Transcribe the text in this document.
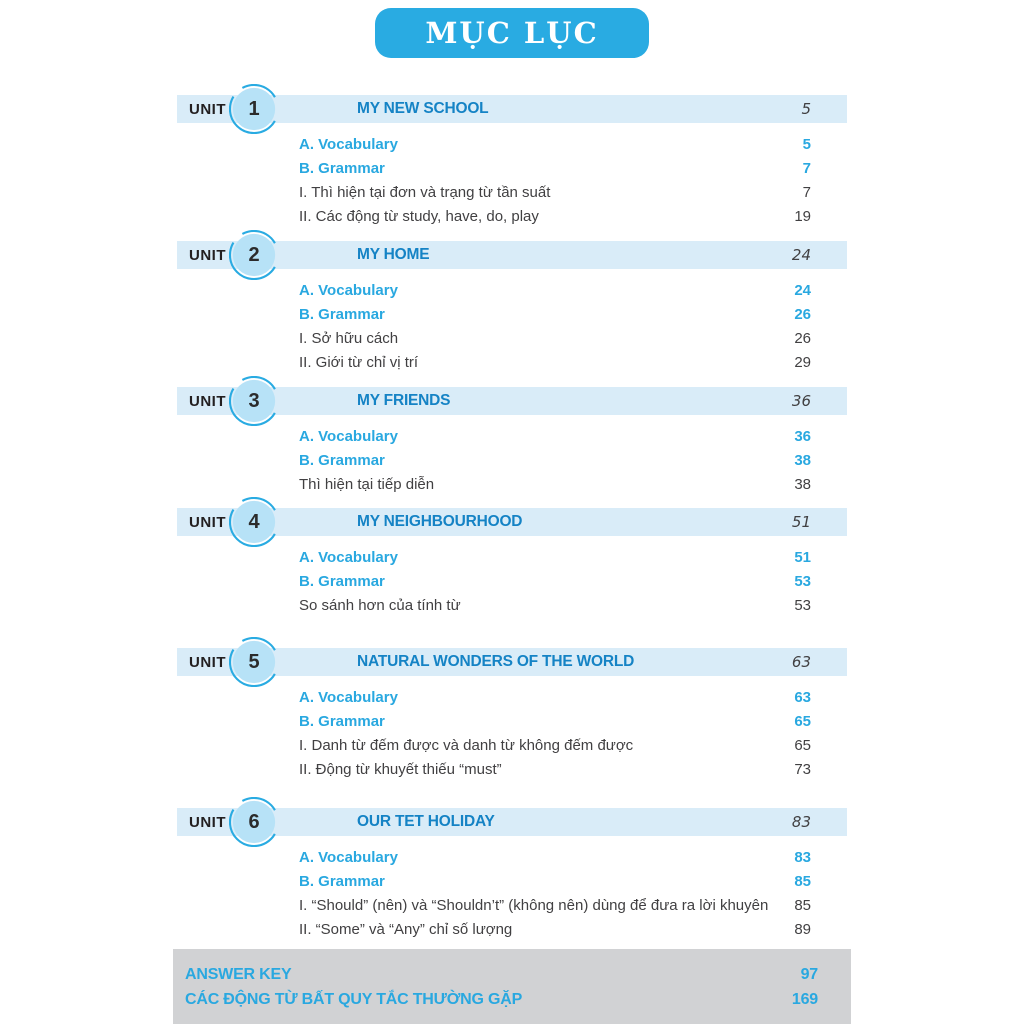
MỤC LỤC
UNIT	1	MY NEW SCHOOL	5
A. Vocabulary	5
B. Grammar	7
I. Thì hiện tại đơn và trạng từ tần suất	7
II. Các động từ study, have, do, play	19
UNIT	2	MY HOME	24
A. Vocabulary	24
B. Grammar	26
I. Sở hữu cách	26
II. Giới từ chỉ vị trí	29
UNIT	3	MY FRIENDS	36
A. Vocabulary	36
B. Grammar	38
Thì hiện tại tiếp diễn	38
UNIT	4	MY NEIGHBOURHOOD	51
A. Vocabulary	51
B. Grammar	53
So sánh hơn của tính từ	53
UNIT	5	NATURAL WONDERS OF THE WORLD	63
A. Vocabulary	63
B. Grammar	65
I. Danh từ đếm được và danh từ không đếm được	65
II. Động từ khuyết thiếu “must”	73
UNIT	6	OUR TET HOLIDAY	83
A. Vocabulary	83
B. Grammar	85
I. “Should” (nên) và “Shouldn’t” (không nên) dùng để đưa ra lời khuyên 85
II. “Some” và “Any” chỉ số lượng	89
ANSWER KEY	97
CÁC ĐỘNG TỪ BẤT QUY TẮC THƯỜNG GẶP	169
